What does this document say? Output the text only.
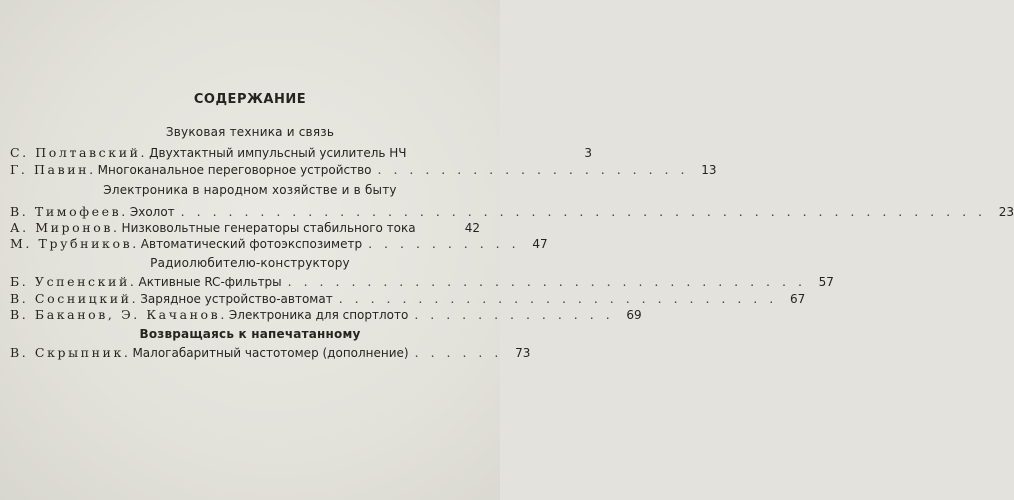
СОДЕРЖАНИЕ
Звуковая техника и связь
С. Полтавский. Двухтактный импульсный усилитель НЧ	3
Г. Павин. Многоканальное переговорное устройство . . . . . . . . . . . . . . . . . . . .	13
Электроника в народном хозяйстве и в быту
В. Тимофеев. Эхолот . . . . . . . . . . . . . . . . . . . . . . . . . . . . . . . . . . . . . . . . . . . . . . . . . . .	23
А. Миронов. Низковольтные генераторы стабильного тока	42
М. Трубников. Автоматический фотоэкспозиметр . . . . . . . . . .	47
Радиолюбителю-конструктору
Б. Успенский. Активные RC-фильтры . . . . . . . . . . . . . . . . . . . . . . . . . . . . . . . . .	57
В. Сосницкий. Зарядное устройство-автомат . . . . . . . . . . . . . . . . . . . . . . . . . . . .	67
В. Баканов, Э. Качанов. Электроника для спортлото . . . . . . . . . . . . .	69
Возвращаясь к напечатанному
В. Скрыпник. Малогабаритный частотомер (дополнение) . . . . . .	73
